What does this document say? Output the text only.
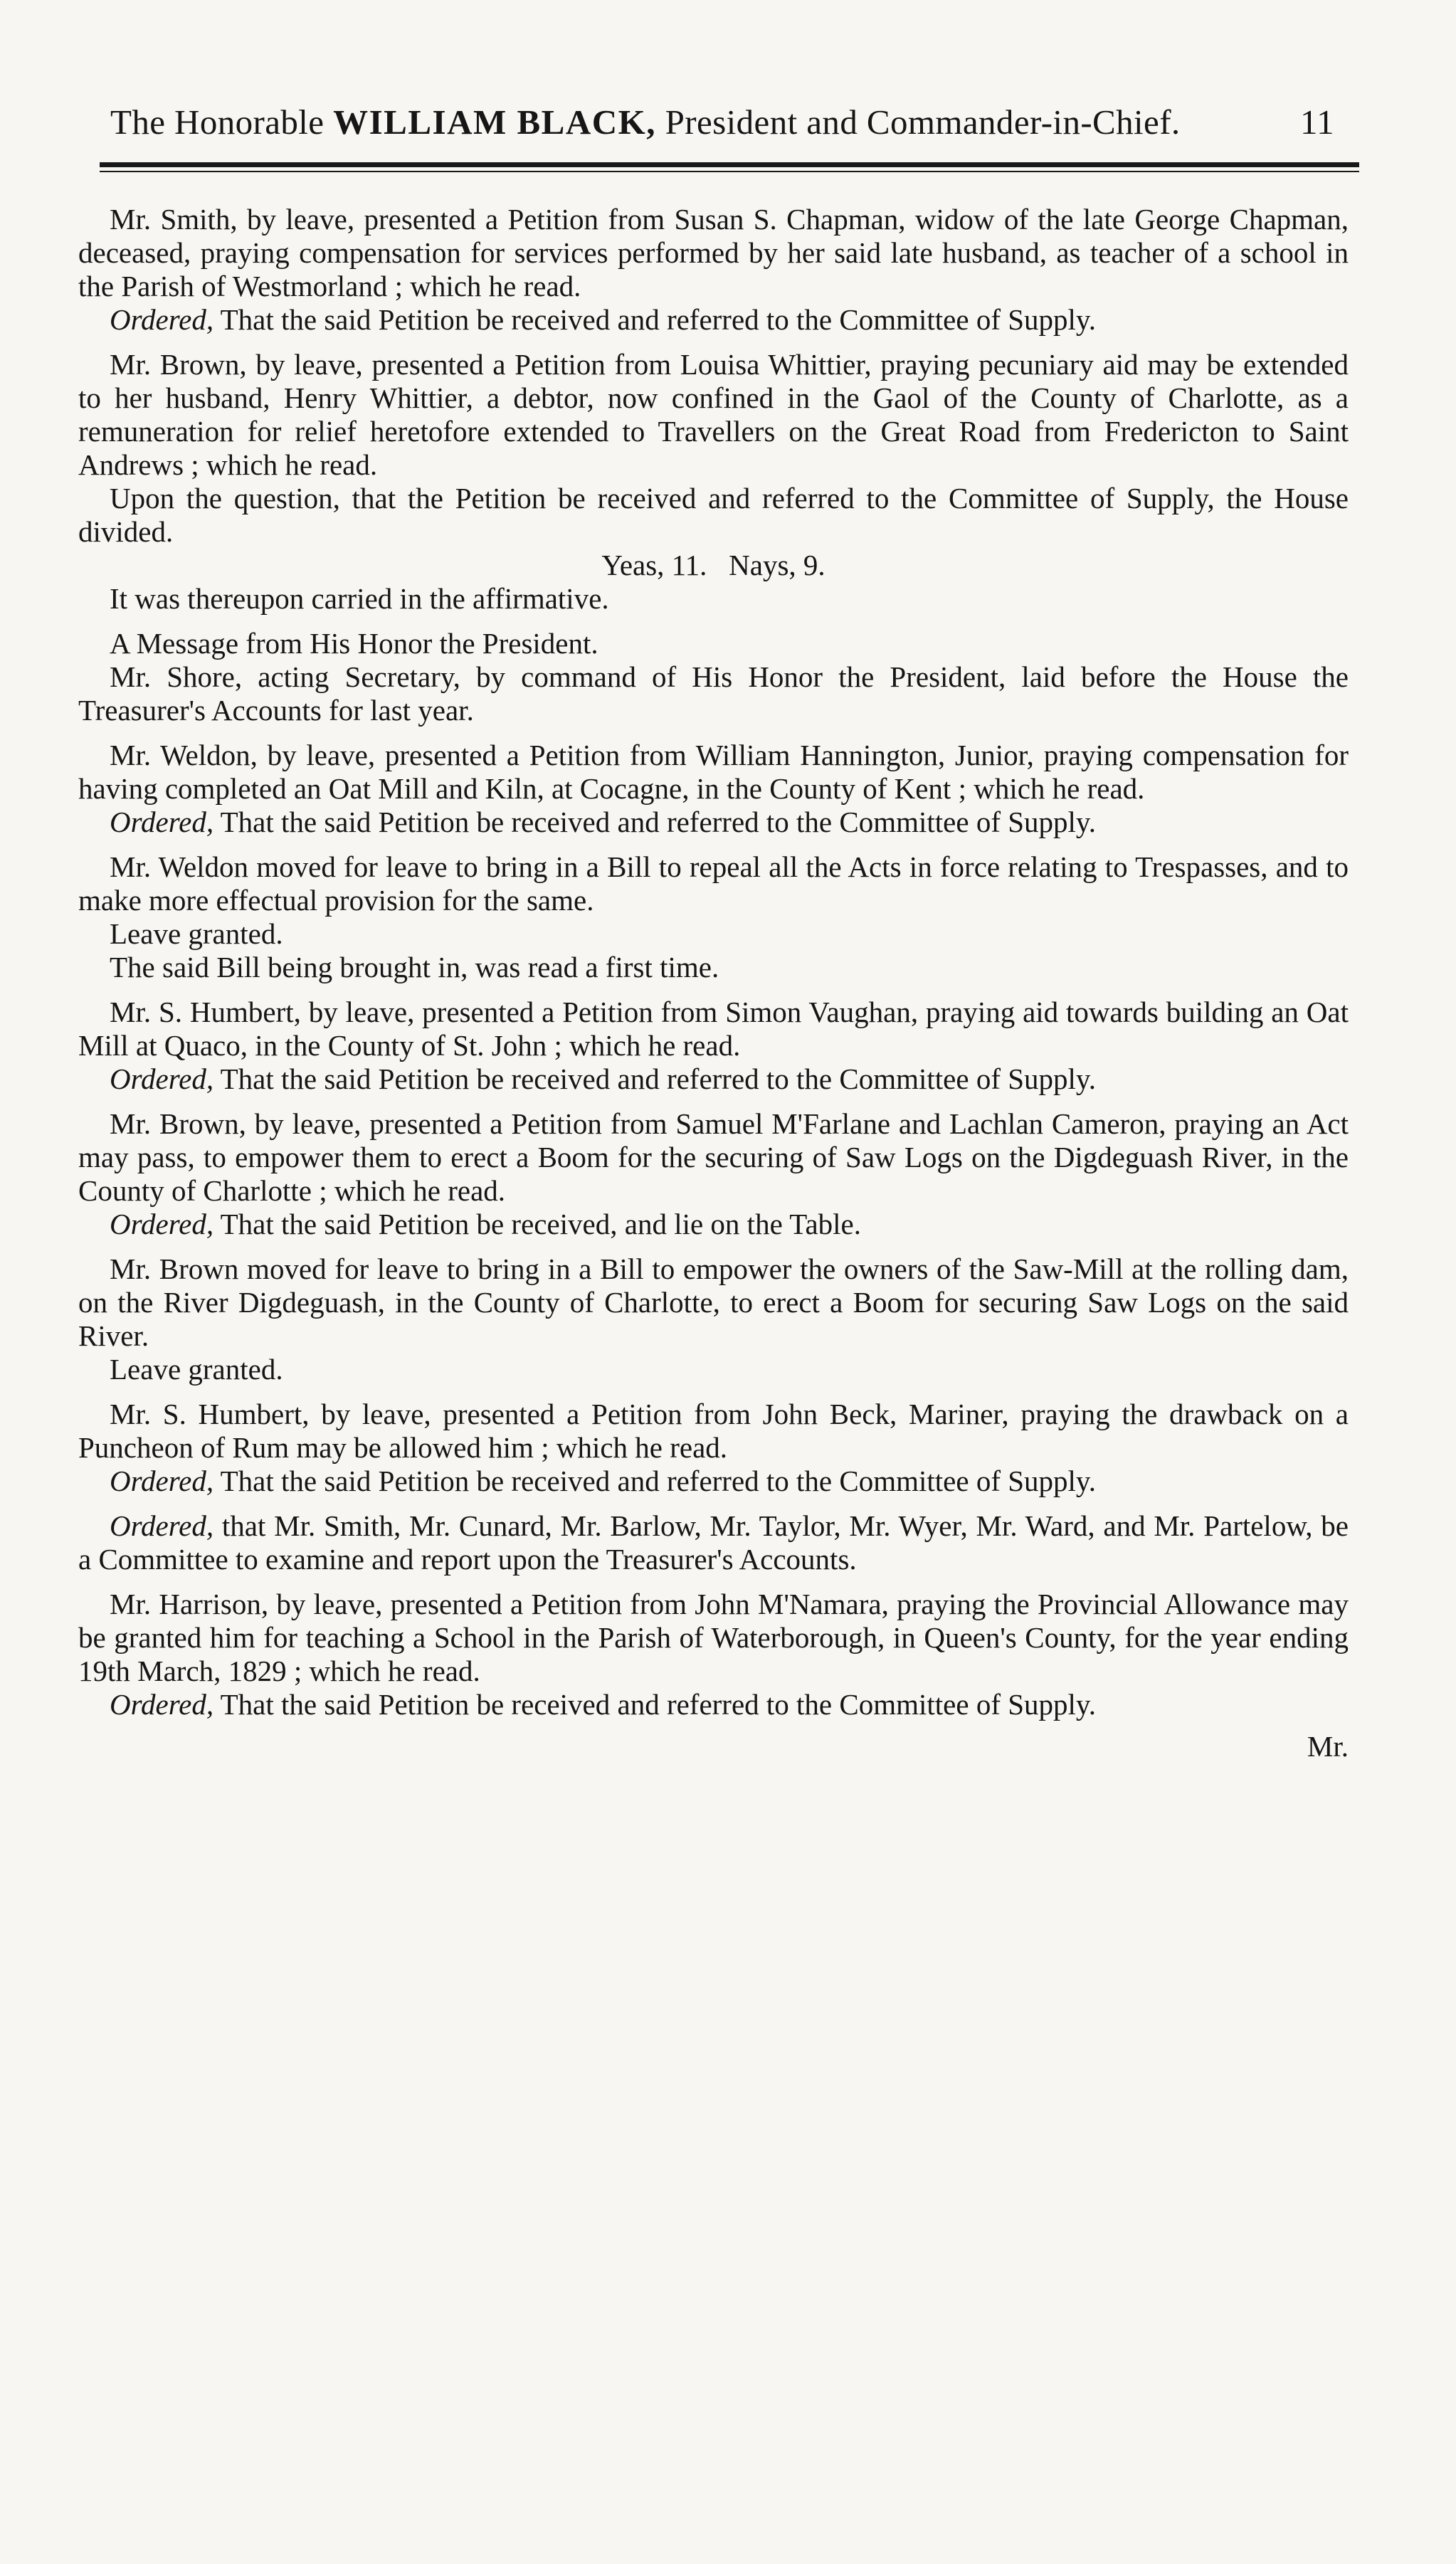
The Honorable WILLIAM BLACK, President and Commander-in-Chief.	11
Mr. Smith, by leave, presented a Petition from Susan S. Chapman, widow of the late George Chapman, deceased, praying compensation for services performed by her said late husband, as teacher of a school in the Parish of Westmorland ; which he read.
Ordered, That the said Petition be received and referred to the Committee of Supply.
Mr. Brown, by leave, presented a Petition from Louisa Whittier, praying pecuniary aid may be extended to her husband, Henry Whittier, a debtor, now confined in the Gaol of the County of Charlotte, as a remuneration for relief heretofore extended to Travellers on the Great Road from Fredericton to Saint Andrews ; which he read.
Upon the question, that the Petition be received and referred to the Committee of Supply, the House divided.
Yeas, 11.   Nays, 9.
It was thereupon carried in the affirmative.
A Message from His Honor the President.
Mr. Shore, acting Secretary, by command of His Honor the President, laid before the House the Treasurer's Accounts for last year.
Mr. Weldon, by leave, presented a Petition from William Hannington, Junior, praying compensation for having completed an Oat Mill and Kiln, at Cocagne, in the County of Kent ; which he read.
Ordered, That the said Petition be received and referred to the Committee of Supply.
Mr. Weldon moved for leave to bring in a Bill to repeal all the Acts in force relating to Trespasses, and to make more effectual provision for the same.
Leave granted.
The said Bill being brought in, was read a first time.
Mr. S. Humbert, by leave, presented a Petition from Simon Vaughan, praying aid towards building an Oat Mill at Quaco, in the County of St. John ; which he read.
Ordered, That the said Petition be received and referred to the Committee of Supply.
Mr. Brown, by leave, presented a Petition from Samuel M'Farlane and Lachlan Cameron, praying an Act may pass, to empower them to erect a Boom for the securing of Saw Logs on the Digdeguash River, in the County of Charlotte ; which he read.
Ordered, That the said Petition be received, and lie on the Table.
Mr. Brown moved for leave to bring in a Bill to empower the owners of the Saw-Mill at the rolling dam, on the River Digdeguash, in the County of Charlotte, to erect a Boom for securing Saw Logs on the said River.
Leave granted.
Mr. S. Humbert, by leave, presented a Petition from John Beck, Mariner, praying the drawback on a Puncheon of Rum may be allowed him ; which he read.
Ordered, That the said Petition be received and referred to the Committee of Supply.
Ordered, that Mr. Smith, Mr. Cunard, Mr. Barlow, Mr. Taylor, Mr. Wyer, Mr. Ward, and Mr. Partelow, be a Committee to examine and report upon the Treasurer's Accounts.
Mr. Harrison, by leave, presented a Petition from John M'Namara, praying the Provincial Allowance may be granted him for teaching a School in the Parish of Waterborough, in Queen's County, for the year ending 19th March, 1829 ; which he read.
Ordered, That the said Petition be received and referred to the Committee of Supply.
Mr.
